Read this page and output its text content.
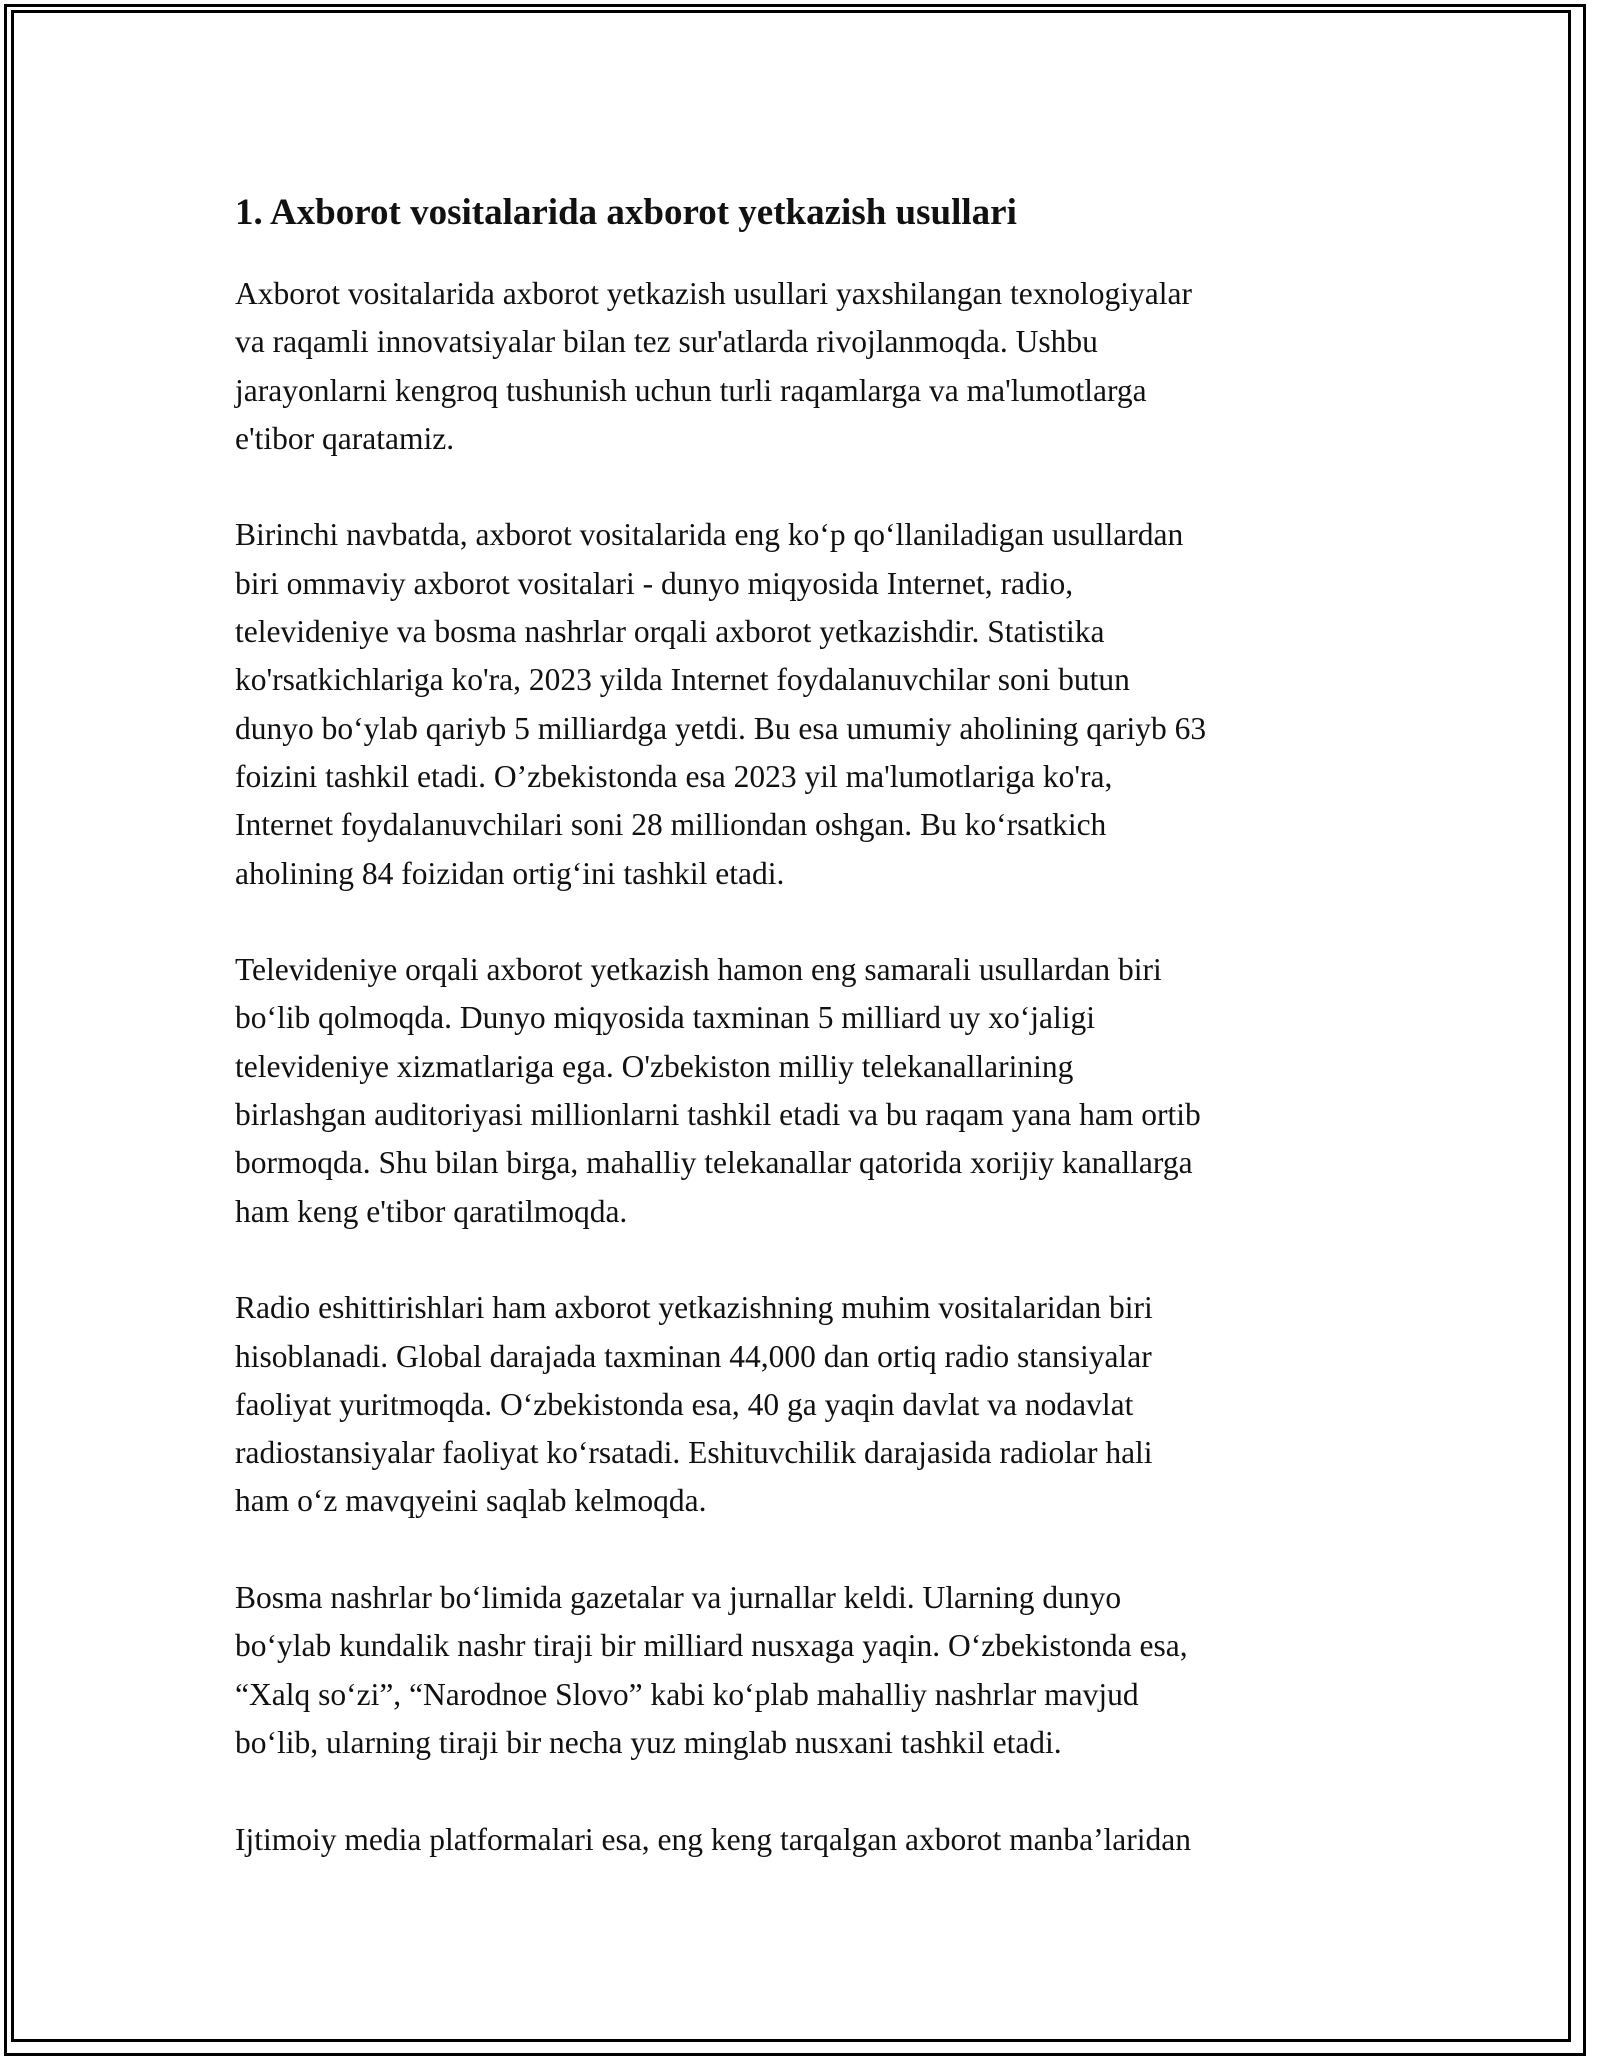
1. Axborot vositalarida axborot yetkazish usullari

Axborot vositalarida axborot yetkazish usullari yaxshilangan texnologiyalar
va raqamli innovatsiyalar bilan tez sur'atlarda rivojlanmoqda. Ushbu
jarayonlarni kengroq tushunish uchun turli raqamlarga va ma'lumotlarga
e'tibor qaratamiz.

Birinchi navbatda, axborot vositalarida eng ko‘p qo‘llaniladigan usullardan
biri ommaviy axborot vositalari - dunyo miqyosida Internet, radio,
televideniye va bosma nashrlar orqali axborot yetkazishdir. Statistika
ko'rsatkichlariga ko'ra, 2023 yilda Internet foydalanuvchilar soni butun
dunyo bo‘ylab qariyb 5 milliardga yetdi. Bu esa umumiy aholining qariyb 63
foizini tashkil etadi. O’zbekistonda esa 2023 yil ma'lumotlariga ko'ra,
Internet foydalanuvchilari soni 28 milliondan oshgan. Bu ko‘rsatkich
aholining 84 foizidan ortig‘ini tashkil etadi.

Televideniye orqali axborot yetkazish hamon eng samarali usullardan biri
bo‘lib qolmoqda. Dunyo miqyosida taxminan 5 milliard uy xo‘jaligi
televideniye xizmatlariga ega. O'zbekiston milliy telekanallarining
birlashgan auditoriyasi millionlarni tashkil etadi va bu raqam yana ham ortib
bormoqda. Shu bilan birga, mahalliy telekanallar qatorida xorijiy kanallarga
ham keng e'tibor qaratilmoqda.

Radio eshittirishlari ham axborot yetkazishning muhim vositalaridan biri
hisoblanadi. Global darajada taxminan 44,000 dan ortiq radio stansiyalar
faoliyat yuritmoqda. O‘zbekistonda esa, 40 ga yaqin davlat va nodavlat
radiostansiyalar faoliyat ko‘rsatadi. Eshituvchilik darajasida radiolar hali
ham o‘z mavqyeini saqlab kelmoqda.

Bosma nashrlar bo‘limida gazetalar va jurnallar keldi. Ularning dunyo
bo‘ylab kundalik nashr tiraji bir milliard nusxaga yaqin. O‘zbekistonda esa,
“Xalq so‘zi”, “Narodnoe Slovo” kabi ko‘plab mahalliy nashrlar mavjud
bo‘lib, ularning tiraji bir necha yuz minglab nusxani tashkil etadi.

Ijtimoiy media platformalari esa, eng keng tarqalgan axborot manba’laridan
